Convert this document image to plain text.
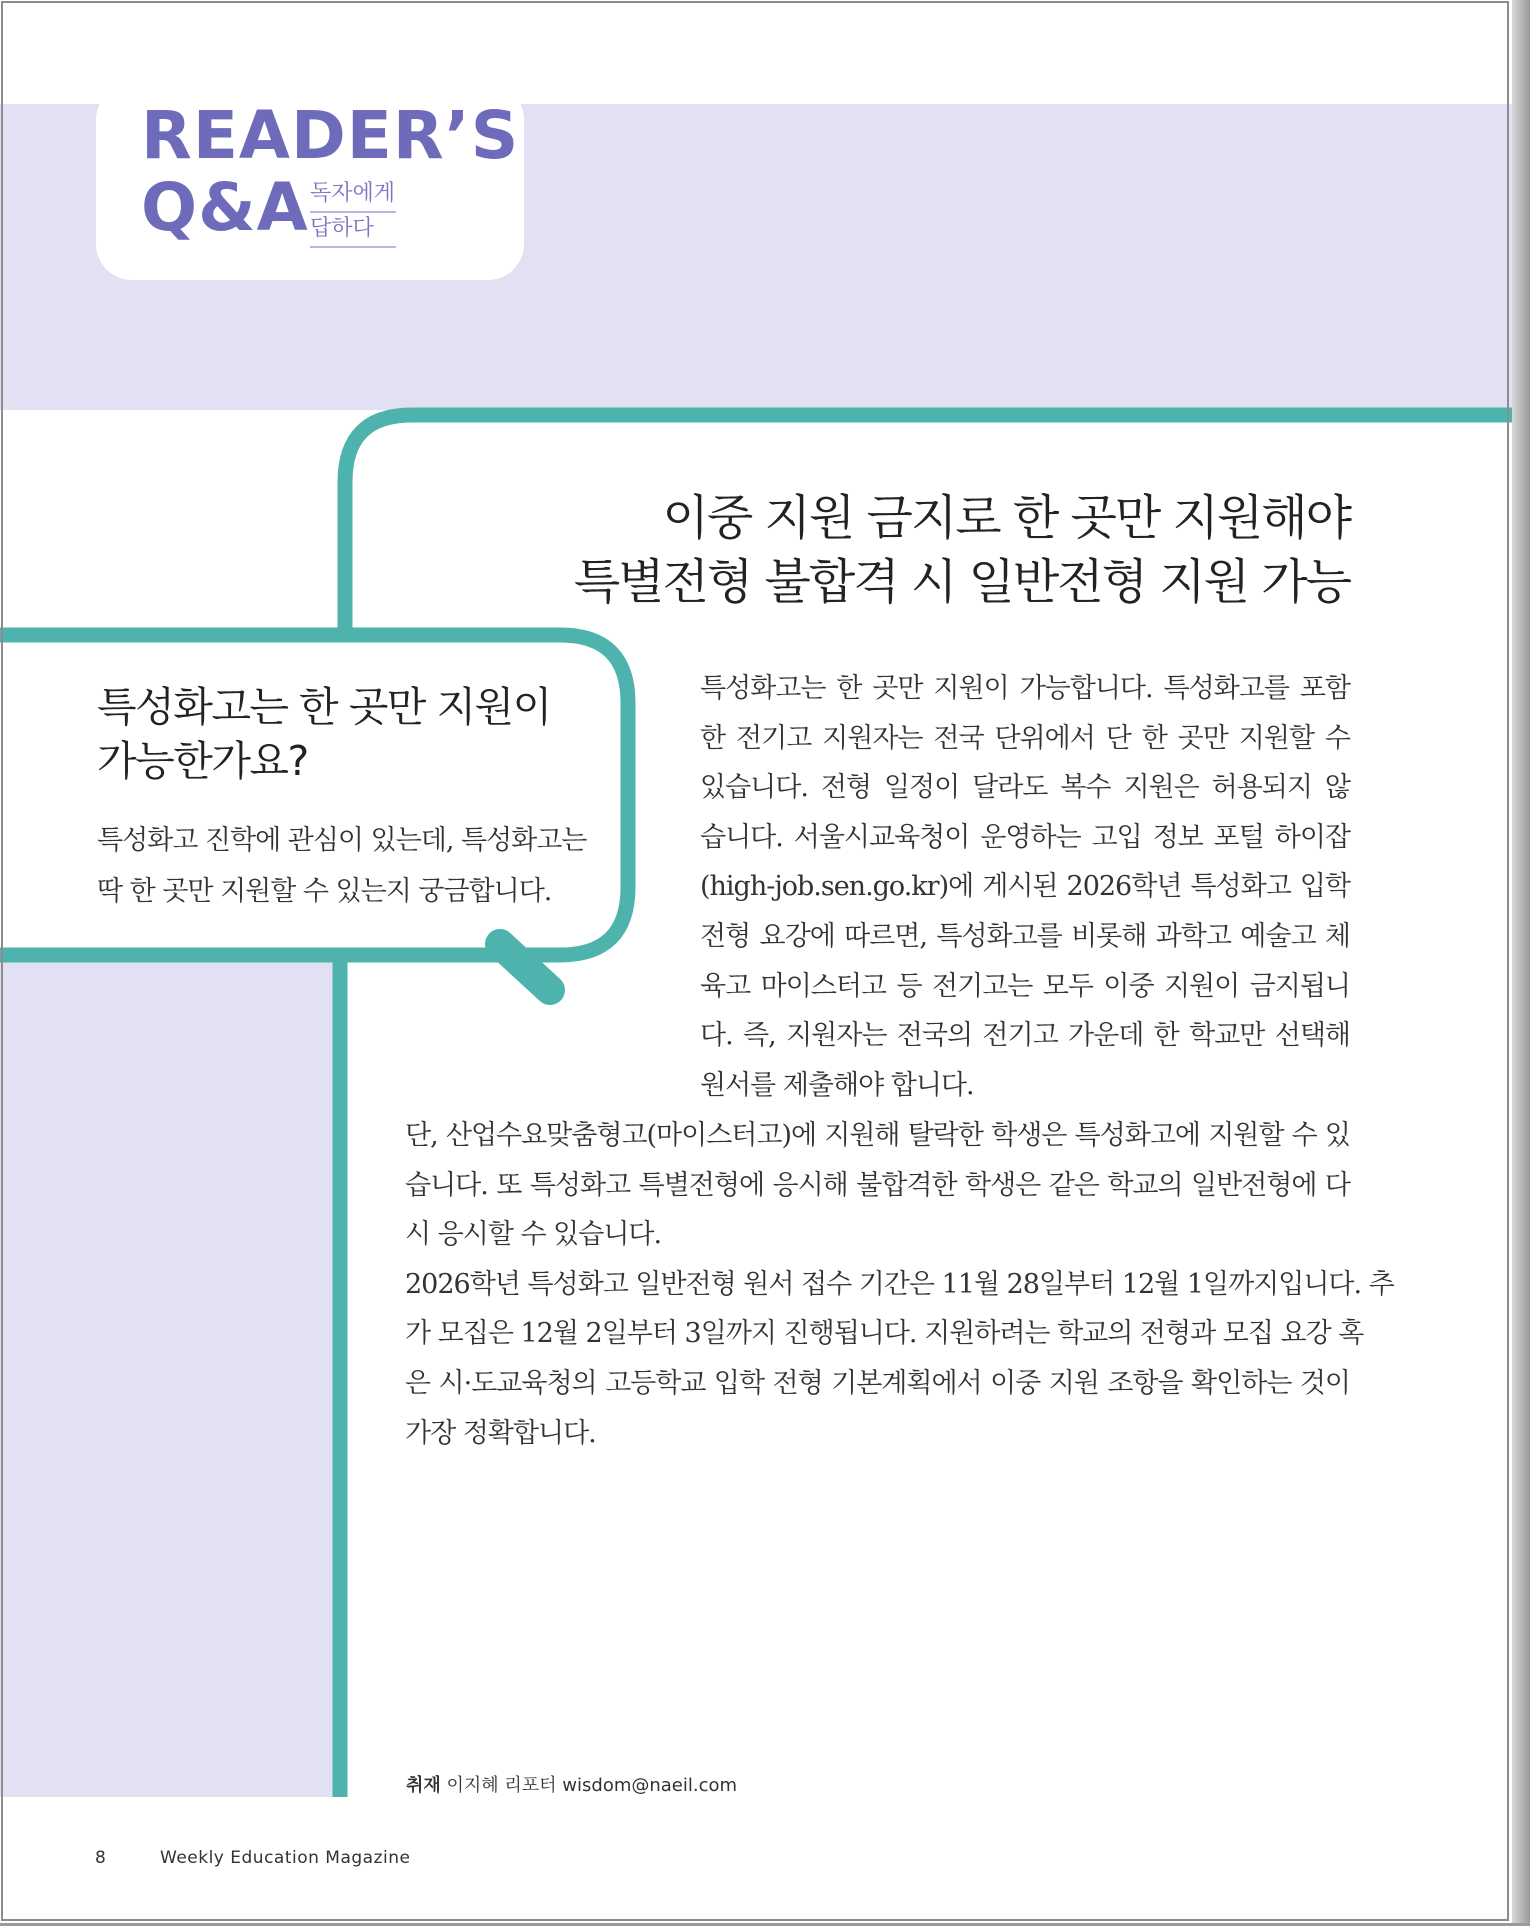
READER’S
Q&A 독자에게
답하다
이중 지원 금지로 한 곳만 지원해야
특별전형 불합격 시 일반전형 지원 가능
특성화고는 한 곳만 지원이
가능한가요?
특성화고 진학에 관심이 있는데, 특성화고는
딱 한 곳만 지원할 수 있는지 궁금합니다.
특성화고는 한 곳만 지원이 가능합니다. 특성화고를 포함
한 전기고 지원자는 전국 단위에서 단 한 곳만 지원할 수
있습니다. 전형 일정이 달라도 복수 지원은 허용되지 않
습니다. 서울시교육청이 운영하는 고입 정보 포털 하이잡
(high-job.sen.go.kr)에 게시된 2026학년 특성화고 입학
전형 요강에 따르면, 특성화고를 비롯해 과학고 예술고 체
육고 마이스터고 등 전기고는 모두 이중 지원이 금지됩니
다. 즉, 지원자는 전국의 전기고 가운데 한 학교만 선택해
원서를 제출해야 합니다.
단, 산업수요맞춤형고(마이스터고)에 지원해 탈락한 학생은 특성화고에 지원할 수 있
습니다. 또 특성화고 특별전형에 응시해 불합격한 학생은 같은 학교의 일반전형에 다
시 응시할 수 있습니다.
2026학년 특성화고 일반전형 원서 접수 기간은 11월 28일부터 12월 1일까지입니다. 추
가 모집은 12월 2일부터 3일까지 진행됩니다. 지원하려는 학교의 전형과 모집 요강 혹
은 시·도교육청의 고등학교 입학 전형 기본계획에서 이중 지원 조항을 확인하는 것이
가장 정확합니다.
취재 이지혜 리포터 wisdom@naeil.com
8	Weekly Education Magazine
